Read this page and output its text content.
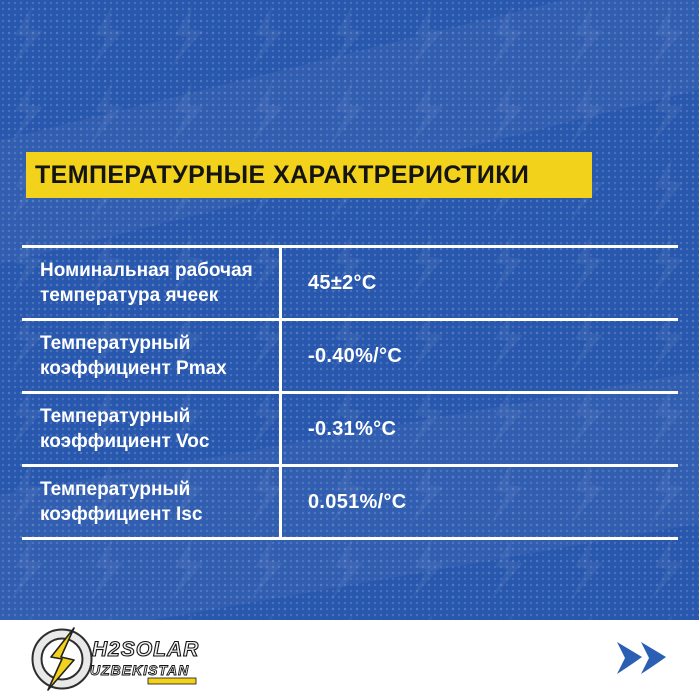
ТЕМПЕРАТУРНЫЕ ХАРАКТРЕРИСТИКИ
Номинальная рабочая температура ячеек
45±2°C
Температурный коэффициент Pmax
-0.40%/°C
Температурный коэффициент Voc
-0.31%°C
Температурный коэффициент Isc
0.051%/°C
H2SOLAR
UZBEKISTAN
